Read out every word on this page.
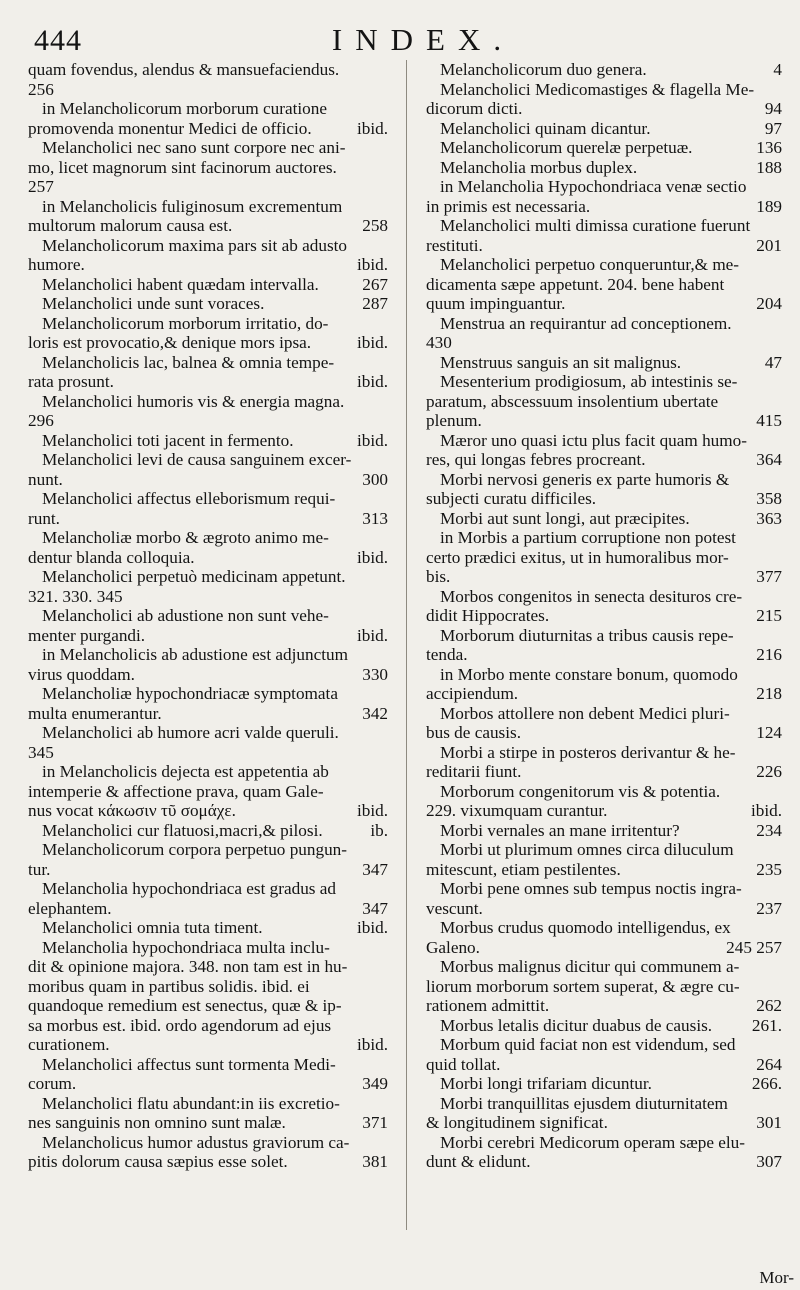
444	INDEX.
quam fovendus, alendus & mansuefaciendus.
256
in Melancholicorum morborum curatione
promovenda monentur Medici de officio.	ibid.
Melancholici nec sano sunt corpore nec ani-
mo, licet magnorum sint facinorum auctores.
257
in Melancholicis fuliginosum excrementum
multorum malorum causa est.	258
Melancholicorum maxima pars sit ab adusto
humore.	ibid.
Melancholici habent quædam intervalla.	267
Melancholici unde sunt voraces.	287
Melancholicorum morborum irritatio, do-
loris est provocatio,& denique mors ipsa.	ibid.
Melancholicis lac, balnea & omnia tempe-
rata prosunt.	ibid.
Melancholici humoris vis & energia magna.
296
Melancholici toti jacent in fermento.	ibid.
Melancholici levi de causa sanguinem excer-
nunt.	300
Melancholici affectus elleborismum requi-
runt.	313
Melancholiæ morbo & ægroto animo me-
dentur blanda colloquia.	ibid.
Melancholici perpetuò medicinam appetunt.
321. 330. 345
Melancholici ab adustione non sunt vehe-
menter purgandi.	ibid.
in Melancholicis ab adustione est adjunctum
virus quoddam.	330
Melancholiæ hypochondriacæ symptomata
multa enumerantur.	342
Melancholici ab humore acri valde queruli.
345
in Melancholicis dejecta est appetentia ab
intemperie & affectione prava, quam Gale-
nus vocat κάκωσιν τῦ σομάχε.	ibid.
Melancholici cur flatuosi,macri,& pilosi.	ib.
Melancholicorum corpora perpetuo pungun-
tur.	347
Melancholia hypochondriaca est gradus ad
elephantem.	347
Melancholici omnia tuta timent.	ibid.
Melancholia hypochondriaca multa inclu-
dit & opinione majora. 348. non tam est in hu-
moribus quam in partibus solidis. ibid. ei
quandoque remedium est senectus, quæ & ip-
sa morbus est. ibid. ordo agendorum ad ejus
curationem.	ibid.
Melancholici affectus sunt tormenta Medi-
corum.	349
Melancholici flatu abundant:in iis excretio-
nes sanguinis non omnino sunt malæ.	371
Melancholicus humor adustus graviorum ca-
pitis dolorum causa sæpius esse solet.	381
Melancholicorum duo genera.	4
Melancholici Medicomastiges & flagella Me-
dicorum dicti.	94
Melancholici quinam dicantur.	97
Melancholicorum querelæ perpetuæ.	136
Melancholia morbus duplex.	188
in Melancholia Hypochondriaca venæ sectio
in primis est necessaria.	189
Melancholici multi dimissa curatione fuerunt
restituti.	201
Melancholici perpetuo conqueruntur,& me-
dicamenta sæpe appetunt. 204. bene habent
quum impinguantur.	204
Menstrua an requirantur ad conceptionem.
430
Menstruus sanguis an sit malignus.	47
Mesenterium prodigiosum, ab intestinis se-
paratum, abscessuum insolentium ubertate
plenum.	415
Mæror uno quasi ictu plus facit quam humo-
res, qui longas febres procreant.	364
Morbi nervosi generis ex parte humoris &
subjecti curatu difficiles.	358
Morbi aut sunt longi, aut præcipites.	363
in Morbis a partium corruptione non potest
certo prædici exitus, ut in humoralibus mor-
bis.	377
Morbos congenitos in senecta desituros cre-
didit Hippocrates.	215
Morborum diuturnitas a tribus causis repe-
tenda.	216
in Morbo mente constare bonum, quomodo
accipiendum.	218
Morbos attollere non debent Medici pluri-
bus de causis.	124
Morbi a stirpe in posteros derivantur & he-
reditarii fiunt.	226
Morborum congenitorum vis & potentia.
229. vixumquam curantur.	ibid.
Morbi vernales an mane irritentur?	234
Morbi ut plurimum omnes circa diluculum
mitescunt, etiam pestilentes.	235
Morbi pene omnes sub tempus noctis ingra-
vescunt.	237
Morbus crudus quomodo intelligendus, ex
Galeno.	245 257
Morbus malignus dicitur qui communem a-
liorum morborum sortem superat, & ægre cu-
rationem admittit.	262
Morbus letalis dicitur duabus de causis. 261.
Morbum quid faciat non est videndum, sed
quid tollat.	264
Morbi longi trifariam dicuntur.	266.
Morbi tranquillitas ejusdem diuturnitatem
& longitudinem significat.	301
Morbi cerebri Medicorum operam sæpe elu-
dunt & elidunt.	307
Mor-
